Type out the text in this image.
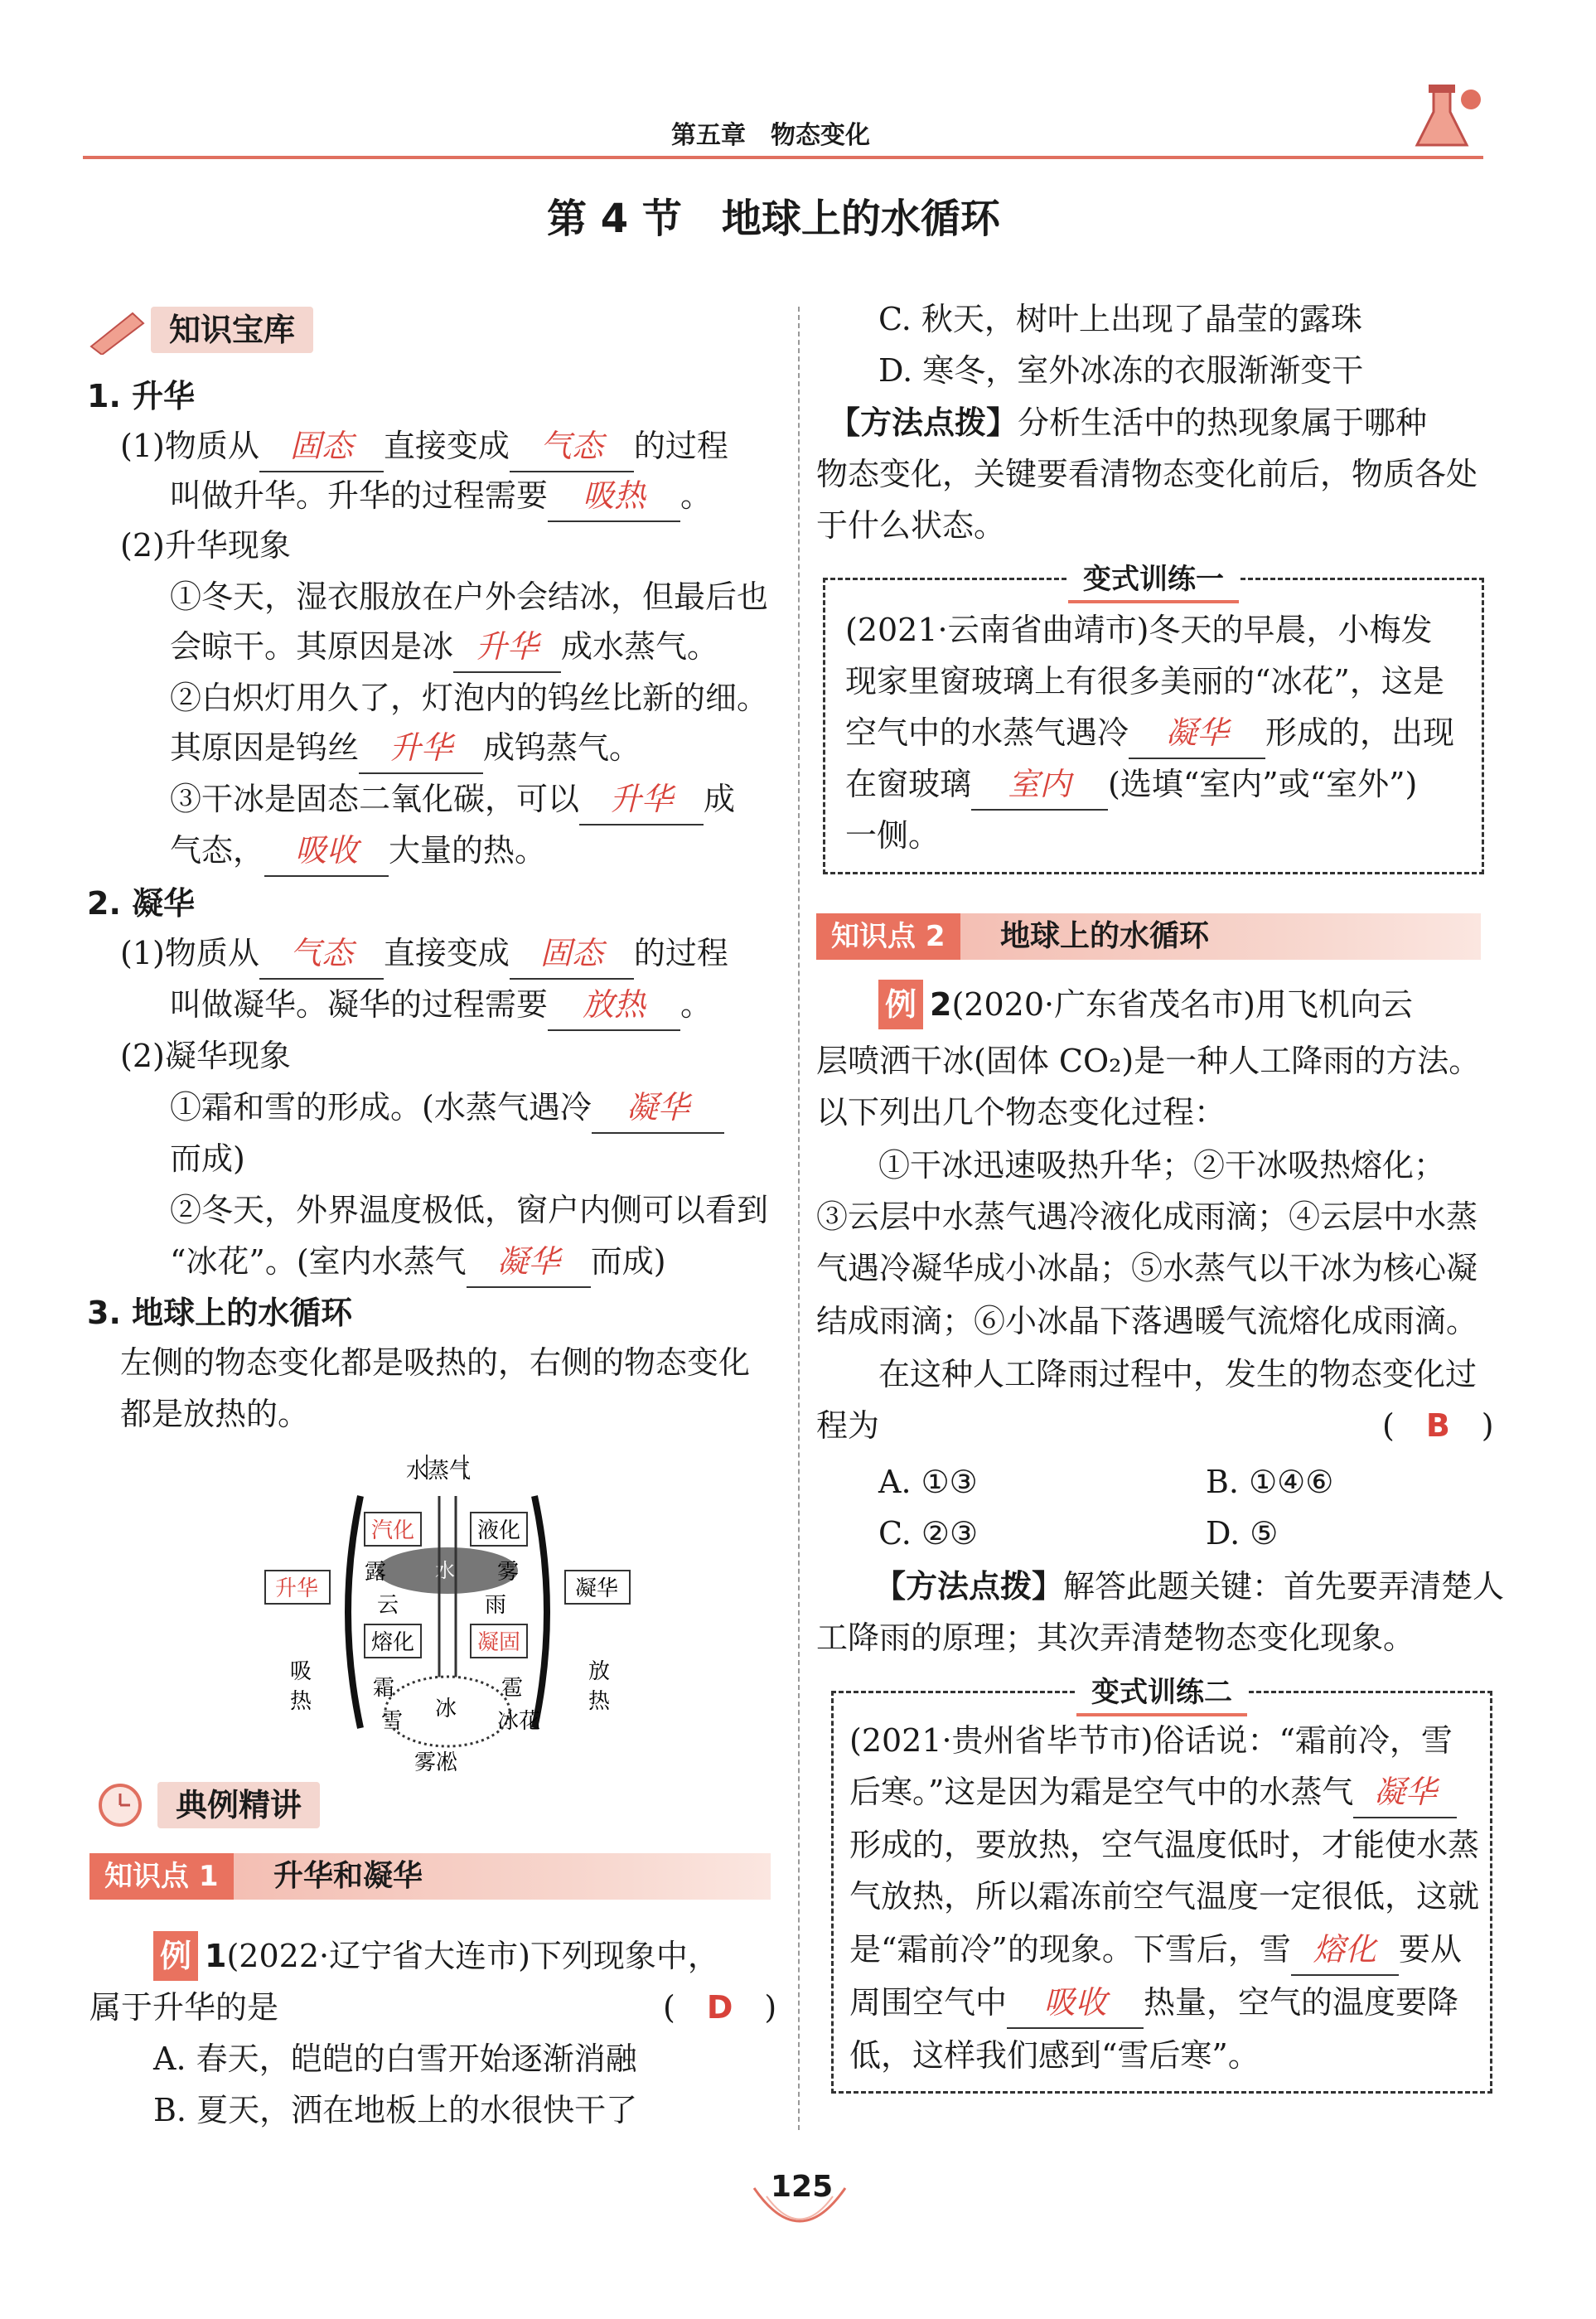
第五章　物态变化
第 4 节　地球上的水循环
知识宝库
1. 升华
(1)物质从 固态 直接变成 气态 的过程
叫做升华。升华的过程需要 吸热 。
(2)升华现象
①冬天，湿衣服放在户外会结冰，但最后也
会晾干。其原因是冰 升华 成水蒸气。
②白炽灯用久了，灯泡内的钨丝比新的细。
其原因是钨丝 升华 成钨蒸气。
③干冰是固态二氧化碳，可以 升华 成
气态， 吸收 大量的热。
2. 凝华
(1)物质从 气态 直接变成 固态 的过程
叫做凝华。凝华的过程需要 放热 。
(2)凝华现象
①霜和雪的形成。(水蒸气遇冷 凝华
而成)
②冬天，外界温度极低，窗户内侧可以看到
“冰花”。(室内水蒸气 凝华 而成)
3. 地球上的水循环
左侧的物态变化都是吸热的，右侧的物态变化
都是放热的。
水蒸气
汽化	液化
升华	凝华
露	雾
水
云	雨
熔化	凝固
吸
热
放
热
冰
霜
雪
雹
冰花
雾凇
典例精讲
知识点 1	升华和凝华
例 1(2022·辽宁省大连市)下列现象中，
属于升华的是	(　D　)
A. 春天，皑皑的白雪开始逐渐消融
B. 夏天，洒在地板上的水很快干了
C. 秋天，树叶上出现了晶莹的露珠
D. 寒冬，室外冰冻的衣服渐渐变干
【方法点拨】分析生活中的热现象属于哪种
物态变化，关键要看清物态变化前后，物质各处
于什么状态。
变式训练一
(2021·云南省曲靖市)冬天的早晨，小梅发
现家里窗玻璃上有很多美丽的“冰花”，这是
空气中的水蒸气遇冷 凝华 形成的，出现
在窗玻璃 室内 (选填“室内”或“室外”)
一侧。
知识点 2	地球上的水循环
例 2(2020·广东省茂名市)用飞机向云
层喷洒干冰(固体 CO₂)是一种人工降雨的方法。
以下列出几个物态变化过程：
①干冰迅速吸热升华；②干冰吸热熔化；
③云层中水蒸气遇冷液化成雨滴；④云层中水蒸
气遇冷凝华成小冰晶；⑤水蒸气以干冰为核心凝
结成雨滴；⑥小冰晶下落遇暖气流熔化成雨滴。
在这种人工降雨过程中，发生的物态变化过
程为	(　B　)
A. ①③	B. ①④⑥
C. ②③	D. ⑤
【方法点拨】解答此题关键：首先要弄清楚人
工降雨的原理；其次弄清楚物态变化现象。
变式训练二
(2021·贵州省毕节市)俗话说：“霜前冷，雪
后寒。”这是因为霜是空气中的水蒸气 凝华
形成的，要放热，空气温度低时，才能使水蒸
气放热，所以霜冻前空气温度一定很低，这就
是“霜前冷”的现象。下雪后，雪 熔化 要从
周围空气中 吸收 热量，空气的温度要降
低，这样我们感到“雪后寒”。
125
